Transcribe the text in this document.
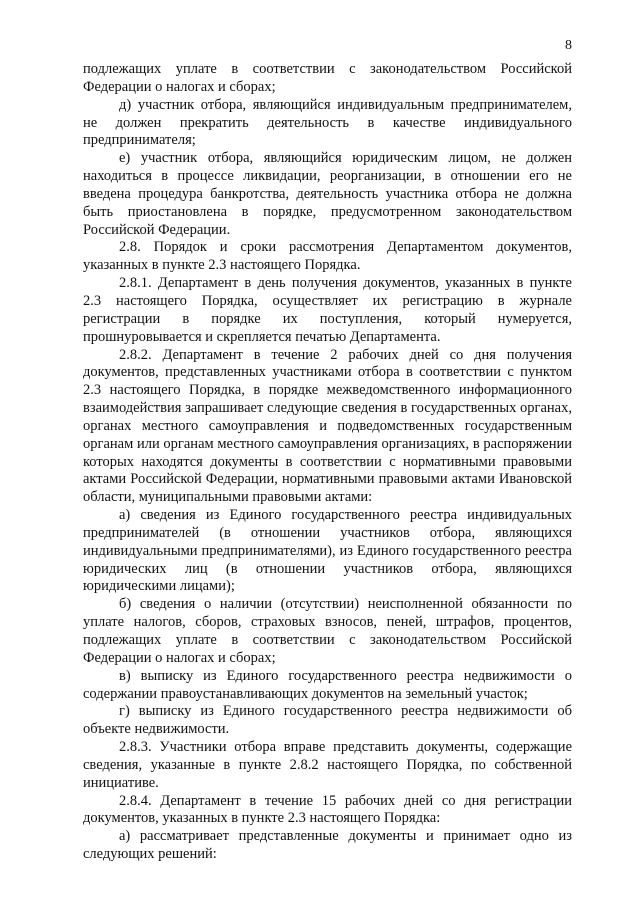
8

подлежащих уплате в соответствии с законодательством Российской Федерации о налогах и сборах;

д) участник отбора, являющийся индивидуальным предпринимателем, не должен прекратить деятельность в качестве индивидуального предпринимателя;

е) участник отбора, являющийся юридическим лицом, не должен находиться в процессе ликвидации, реорганизации, в отношении его не введена процедура банкротства, деятельность участника отбора не должна быть приостановлена в порядке, предусмотренном законодательством Российской Федерации.

2.8. Порядок и сроки рассмотрения Департаментом документов, указанных в пункте 2.3 настоящего Порядка.

2.8.1. Департамент в день получения документов, указанных в пункте 2.3 настоящего Порядка, осуществляет их регистрацию в журнале регистрации в порядке их поступления, который нумеруется, прошнуровывается и скрепляется печатью Департамента.

2.8.2. Департамент в течение 2 рабочих дней со дня получения документов, представленных участниками отбора в соответствии с пунктом 2.3 настоящего Порядка, в порядке межведомственного информационного взаимодействия запрашивает следующие сведения в государственных органах, органах местного самоуправления и подведомственных государственным органам или органам местного самоуправления организациях, в распоряжении которых находятся документы в соответствии с нормативными правовыми актами Российской Федерации, нормативными правовыми актами Ивановской области, муниципальными правовыми актами:

а) сведения из Единого государственного реестра индивидуальных предпринимателей (в отношении участников отбора, являющихся индивидуальными предпринимателями), из Единого государственного реестра юридических лиц (в отношении участников отбора, являющихся юридическими лицами);

б) сведения о наличии (отсутствии) неисполненной обязанности по уплате налогов, сборов, страховых взносов, пеней, штрафов, процентов, подлежащих уплате в соответствии с законодательством Российской Федерации о налогах и сборах;

в) выписку из Единого государственного реестра недвижимости о содержании правоустанавливающих документов на земельный участок;

г) выписку из Единого государственного реестра недвижимости об объекте недвижимости.

2.8.3. Участники отбора вправе представить документы, содержащие сведения, указанные в пункте 2.8.2 настоящего Порядка, по собственной инициативе.

2.8.4. Департамент в течение 15 рабочих дней со дня регистрации документов, указанных в пункте 2.3 настоящего Порядка:

а) рассматривает представленные документы и принимает одно из следующих решений:
